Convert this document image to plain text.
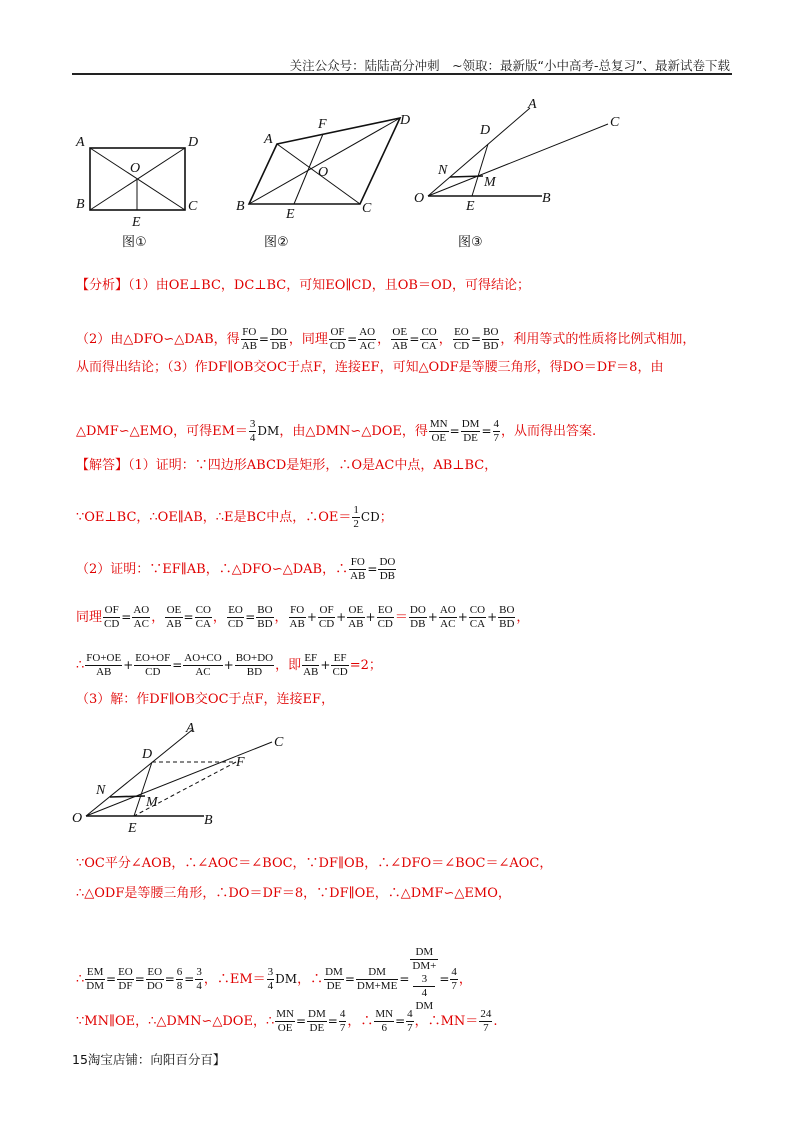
关注公众号：陆陆高分冲刺　~领取：最新版“小中高考-总复习”、最新试卷下载
A	D
O
B
E
C
图①
A
F	D
O
B
E	C
图②
A
D
C
N
M
O
E
B
图③
【分析】（1）由OE⊥BC，DC⊥BC，可知EO∥CD，且OB＝OD，可得结论；
（2）由△DFO∽△DAB，得 $\frac{FO}{AB} = \frac{DO}{DB}$ ，同理 $\frac{OF}{CD} = \frac{AO}{AC}$ ， $\frac{OE}{AB} = \frac{CO}{CA}$ ， $\frac{EO}{CD} = \frac{BO}{BD}$ ，利用等式的性质将比例式相加，
从而得出结论；（3）作DF∥OB交OC于点F，连接EF，可知△ODF是等腰三角形，得DO＝DF＝8，由
△DMF∽△EMO，可得$EM= \frac{3}{4}$ DM，由△DMN∽△DOE，得 $\frac{MN}{OE} = \frac{DM}{DE} = \frac{4}{7}$ ，从而得出答案.
【解答】（1）证明：∵四边形ABCD是矩形，∴O是AC中点，AB⊥BC，
∵OE⊥BC，∴OE∥AB，∴E是BC中点，∴OE＝ $\frac{1}{2}$ CD；
（2）证明：∵EF∥AB，∴△DFO∽△DAB，∴ $\frac{FO}{AB} = \frac{DO}{DB}$
同理 $\frac{OF}{CD} = \frac{AO}{AC}$ ， $\frac{OE}{AB} = \frac{CO}{CA}$ ， $\frac{EO}{CD} = \frac{BO}{BD}$ ， $\frac{FO}{AB} + \frac{OF}{CD} + \frac{OE}{AB} + \frac{EO}{CD} = \frac{DO}{DB} + \frac{AO}{AC} + \frac{CO}{CA} + \frac{BO}{BD}$ ，
∴ $\frac{FO+OE}{AB} + \frac{EO+OF}{CD} = \frac{AO+CO}{AC} + \frac{BO+DO}{BD}$ ，即 $\frac{EF}{AB} + \frac{EF}{CD} =2$；
（3）解：作DF∥OB交OC于点F，连接EF，
A
C
D
F
N
M
O
E
B
∵OC平分∠AOB，∴∠AOC＝∠BOC，∵DF∥OB，∴∠DFO＝∠BOC＝∠AOC，
∴△ODF是等腰三角形，∴DO＝DF＝8，∵DF∥OE，∴△DMF∽△EMO，
∴ $\frac{EM}{DM} = \frac{EO}{DF} = \frac{EO}{DO} = \frac{6}{8} = \frac{3}{4}$ ，∴EM＝ $\frac{3}{4}$ DM，∴ $\frac{DM}{DE} = \frac{DM}{DM+ME}$ = DM
DM+
3
4
DM = $\frac{4}{7}$ ，
∵MN∥OE，∴△DMN∽△DOE，∴ $\frac{MN}{OE} = \frac{DM}{DE} = \frac{4}{7}$ ，∴ $\frac{MN}{6} = \frac{4}{7}$ ，∴MN＝ $\frac{24}{7}$ .
15淘宝店铺：向阳百分百】
